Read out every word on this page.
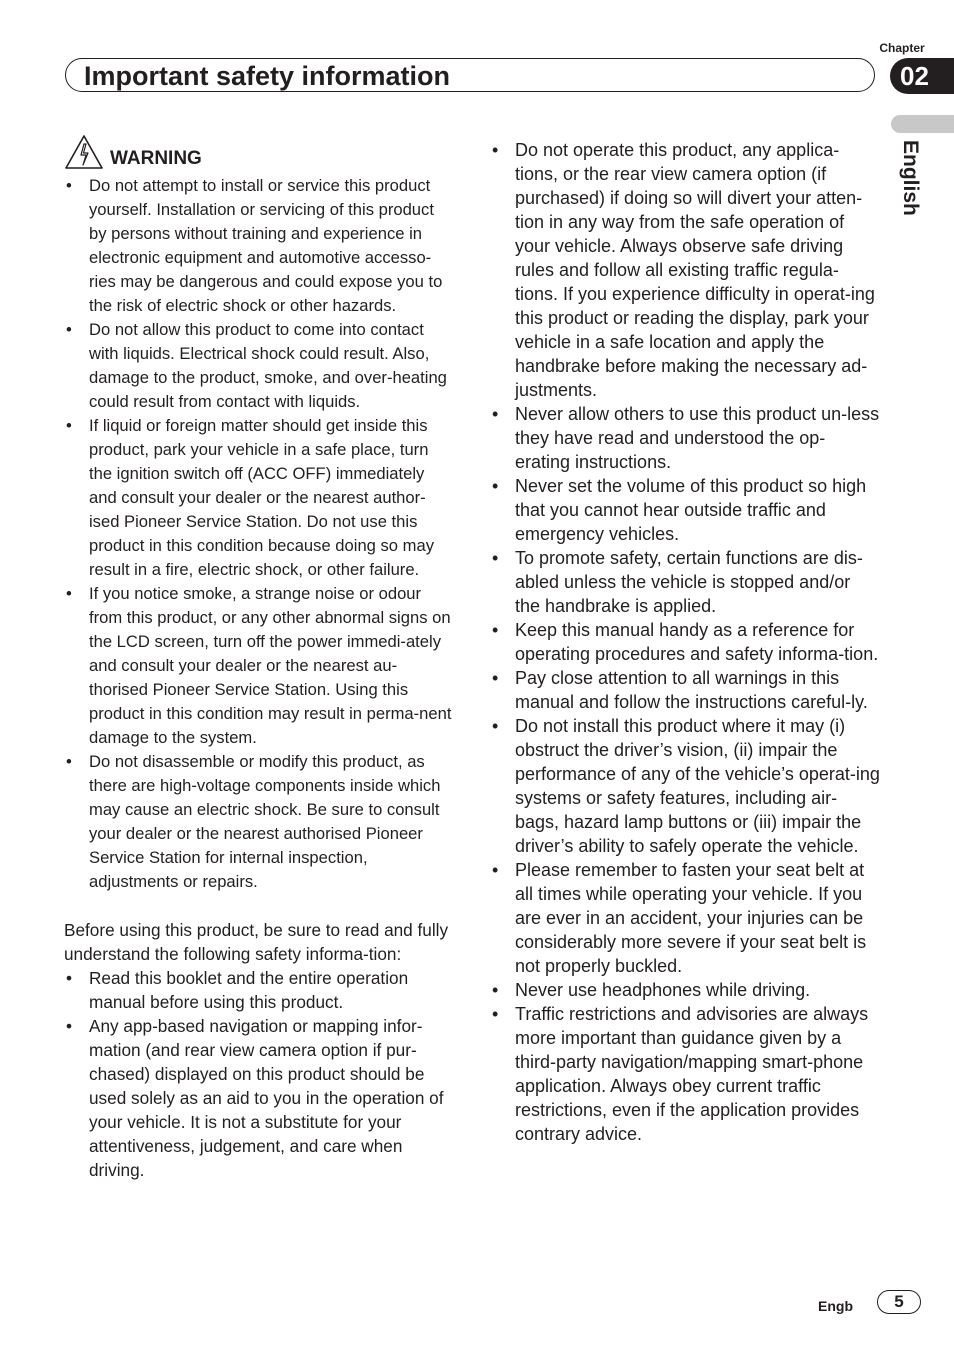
Chapter
02
Important safety information
English
WARNING
• Do not attempt to install or service this product yourself. Installation or servicing of this product by persons without training and experience in electronic equipment and automotive accesso-ries may be dangerous and could expose you to the risk of electric shock or other hazards.
• Do not allow this product to come into contact with liquids. Electrical shock could result. Also, damage to the product, smoke, and over-heating could result from contact with liquids.
• If liquid or foreign matter should get inside this product, park your vehicle in a safe place, turn the ignition switch off (ACC OFF) immediately and consult your dealer or the nearest author-ised Pioneer Service Station. Do not use this product in this condition because doing so may result in a fire, electric shock, or other failure.
• If you notice smoke, a strange noise or odour from this product, or any other abnormal signs on the LCD screen, turn off the power immedi-ately and consult your dealer or the nearest au-thorised Pioneer Service Station. Using this product in this condition may result in perma-nent damage to the system.
• Do not disassemble or modify this product, as there are high-voltage components inside which may cause an electric shock. Be sure to consult your dealer or the nearest authorised Pioneer Service Station for internal inspection, adjustments or repairs.

Before using this product, be sure to read and fully understand the following safety informa-tion:

• Read this booklet and the entire operation manual before using this product.
• Any app-based navigation or mapping infor-mation (and rear view camera option if pur-chased) displayed on this product should be used solely as an aid to you in the operation of your vehicle. It is not a substitute for your attentiveness, judgement, and care when driving.
• Do not operate this product, any applica-tions, or the rear view camera option (if purchased) if doing so will divert your atten-tion in any way from the safe operation of your vehicle. Always observe safe driving rules and follow all existing traffic regula-tions. If you experience difficulty in operat-ing this product or reading the display, park your vehicle in a safe location and apply the handbrake before making the necessary ad-justments.
• Never allow others to use this product un-less they have read and understood the op-erating instructions.
• Never set the volume of this product so high that you cannot hear outside traffic and emergency vehicles.
• To promote safety, certain functions are dis-abled unless the vehicle is stopped and/or the handbrake is applied.
• Keep this manual handy as a reference for operating procedures and safety informa-tion.
• Pay close attention to all warnings in this manual and follow the instructions careful-ly.
• Do not install this product where it may (i) obstruct the driver’s vision, (ii) impair the performance of any of the vehicle’s operat-ing systems or safety features, including air-bags, hazard lamp buttons or (iii) impair the driver’s ability to safely operate the vehicle.
• Please remember to fasten your seat belt at all times while operating your vehicle. If you are ever in an accident, your injuries can be considerably more severe if your seat belt is not properly buckled.
• Never use headphones while driving.
• Traffic restrictions and advisories are always more important than guidance given by a third-party navigation/mapping smart-phone application. Always obey current traffic restrictions, even if the application provides contrary advice.
Engb	5
